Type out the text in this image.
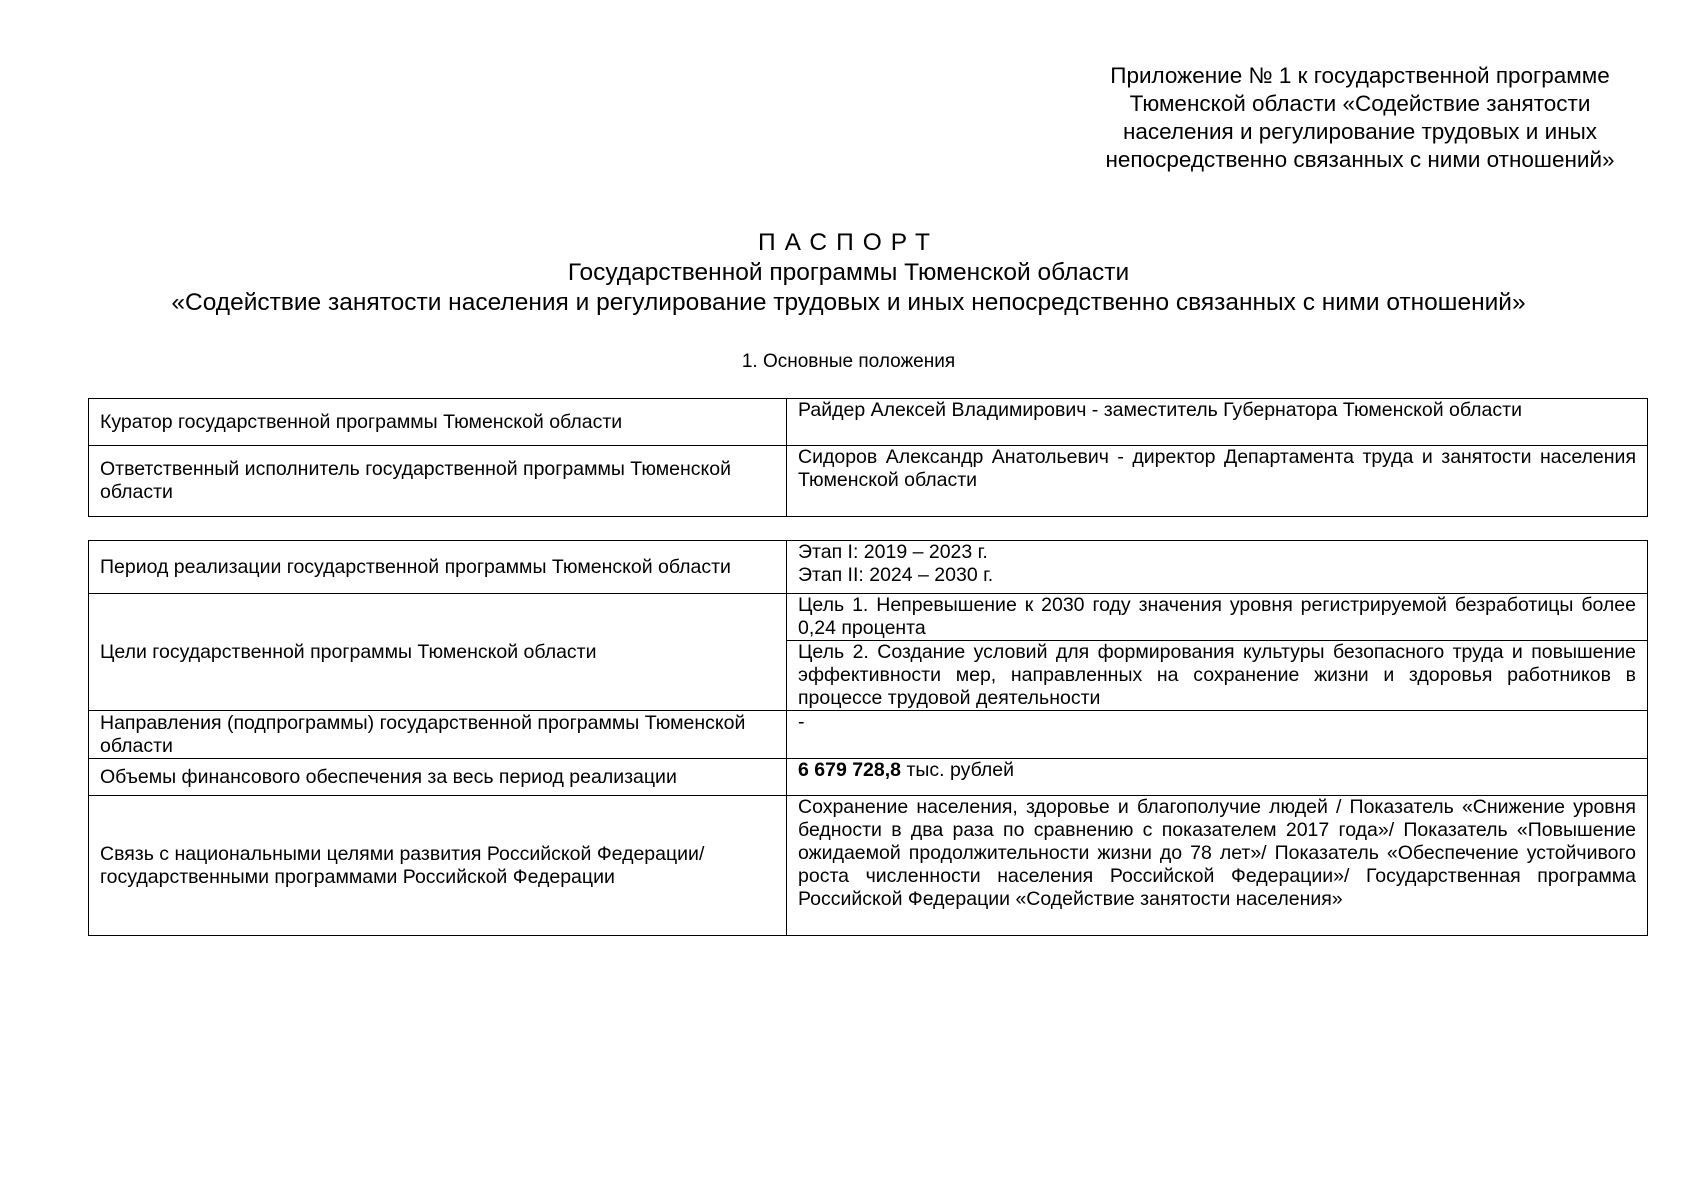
Приложение № 1 к государственной программе
Тюменской области «Содействие занятости
населения и регулирование трудовых и иных
непосредственно связанных с ними отношений»
ПАСПОРТ
Государственной программы Тюменской области
«Содействие занятости населения и регулирование трудовых и иных непосредственно связанных с ними отношений»
1. Основные положения
Куратор государственной программы Тюменской области	Райдер Алексей Владимирович - заместитель Губернатора Тюменской области
Ответственный исполнитель государственной программы Тюменской области	Сидоров Александр Анатольевич - директор Департамента труда и занятости населения Тюменской области
Период реализации государственной программы Тюменской области	Этап I: 2019 – 2023 г.
Этап II: 2024 – 2030 г.

Цели государственной программы Тюменской области	Цель 1. Непревышение к 2030 году значения уровня регистрируемой безработицы более 0,24 процента
	Цель 2. Создание условий для формирования культуры безопасного труда и повышение эффективности мер, направленных на сохранение жизни и здоровья работников в процессе трудовой деятельности
Направления (подпрограммы) государственной программы Тюменской области	-
Объемы финансового обеспечения за весь период реализации	6 679 728,8 тыс. рублей

Связь с национальными целями развития Российской Федерации/
государственными программами Российской Федерации	Сохранение населения, здоровье и благополучие людей / Показатель «Снижение уровня бедности в два раза по сравнению с показателем 2017 года»/ Показатель «Повышение ожидаемой продолжительности жизни до 78 лет»/ Показатель «Обеспечение устойчивого роста численности населения Российской Федерации»/ Государственная программа Российской Федерации «Содействие занятости населения»
